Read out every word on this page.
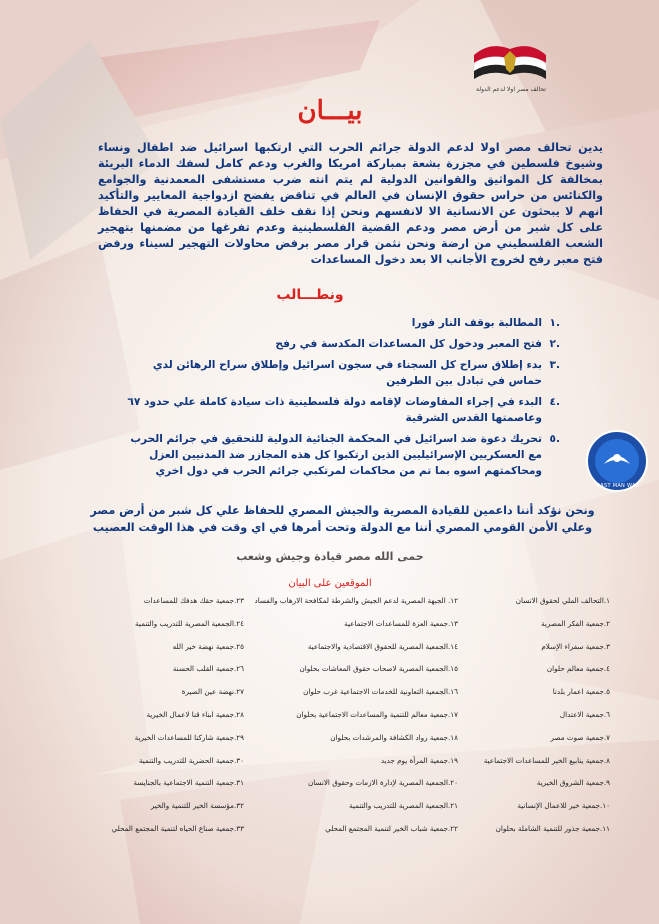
تحالف مصر اولا لدعم الدولة
بيـــان
يدين تحالف مصر اولا لدعم الدولة جرائم الحرب التي ارتكبها اسرائيل ضد اطفال ونساء وشيوخ فلسطين في مجزرة بشعة بمباركة امريكا والغرب ودعم كامل لسفك الدماء البريئة بمخالفة كل المواثيق والقوانين الدولية لم يتم انته ضرب مستشفى المعمدنية والجوامع والكنائس من حراس حقوق الإنسان في العالم في تناقض يفضح ازدواجية المعايير والتأكيد انهم لا يبحثون عن الانسانية الا لانفسهم ونحن إذا نقف خلف القيادة المصرية في الحفاظ على كل شبر من أرض مصر ودعم القضية الفلسطينية وعدم تفرغها من مضمنها بتهجير الشعب الفلسطيني من ارضة ونحن نثمن قرار مصر برفض محاولات التهجير لسيناء ورفض فتح معبر رفح لخروج الأجانب الا بعد دخول المساعدات
ونطـــالب
.١
المطالبة بوقف النار فورا
.٢
فتح المعبر ودخول كل المساعدات المكدسة في رفح
.٣
بدء إطلاق سراح كل السجناء في سجون اسرائيل وإطلاق سراح الرهائن لدي حماس في تبادل بين الطرفين
.٤
البدء في إجراء المفاوضات لإقامه دولة فلسطينية ذات سيادة كاملة علي حدود ٦٧ وعاصمتها القدس الشرقية
.٥
تحريك دعوة ضد اسرائيل في المحكمة الجنائية الدولية للتحقيق في جرائم الحرب مع العسكريين الإسرائيليين الذين ارتكبوا كل هذه المجازر ضد المدنيين العزل ومحاكمتهم اسوه بما تم من محاكمات لمرتكبي جرائم الحرب في دول اخري
ونحن نؤكد أننا داعمين للقيادة المصرية والجيش المصري للحفاظ علي كل شبر من أرض مصر وعلي الأمن القومي المصري أننا مع الدولة وتحت أمرها في اي وقت في هذا الوقت العصيب
حمى الله مصر قيادة وجيش وشعب
الموقعين على البيان
١.التحالف الملي لحقوق الانسان
٢.جمعية الفكر المصرية
٣.جمعية سفراء الإسلام
٤.جمعية معالم حلوان
٥.جمعية اعمار بلدنا
٦.جمعية الاعتدال
٧.جمعية صوت مصر
٨.جمعية ينابيع الخير للمساعدات الاجتماعية
٩.جمعية الشروق الخيرية
١٠.جمعية خير للاعمال الإنسانية
١١.جمعية جذور للتنمية الشاملة بحلوان
١٢. الجبهة المصرية لدعم الجيش والشرطة لمكافحة الارهاب والفساد
١٣.جمعية العزة للمساعدات الاجتماعية
١٤.الجمعية المصرية للحقوق الاقتصادية والاجتماعية
١٥.الجمعية المصرية لاصحاب حقوق المعاشات بحلوان
١٦.الجمعية التعاونية للخدمات الاجتماعية غرب حلوان
١٧.جمعية معالم للتنمية والمساعدات الاجتماعية بحلوان
١٨.جمعية رواد الكشافة والمرشدات بحلوان
١٩.جمعية المرأة يوم جديد
٢٠.الجمعية المصرية لإدارة الازمات وحقوق الانسان
٢١.الجمعية المصرية للتدريب والتنمية
٢٢.جمعية شباب الخير لتنمية المجتمع المحلي
٢٣.جمعية حقك هدفك للمساعدات
٢٤.الجمعية المصرية للتدريب والتنمية
٢٥.جمعية نهضة خير الله
٢٦.جمعية القلب الحسنة
٢٧.نهضة عين الصيرة
٢٨.جمعية ابناء قنا لاعمال الخيرية
٢٩.جمعية شاركنا للمساعدات الخيرية
٣٠.جمعية الحضرية للتدريب والتنمية
٣١.جمعية التنمية الاجتماعية بالجنايسة
٣٢.مؤسسة الخير للتنمية والخير
٣٣.جمعية صناع الحياه لتنمية المجتمع المحلي
BAST MAN WAR
